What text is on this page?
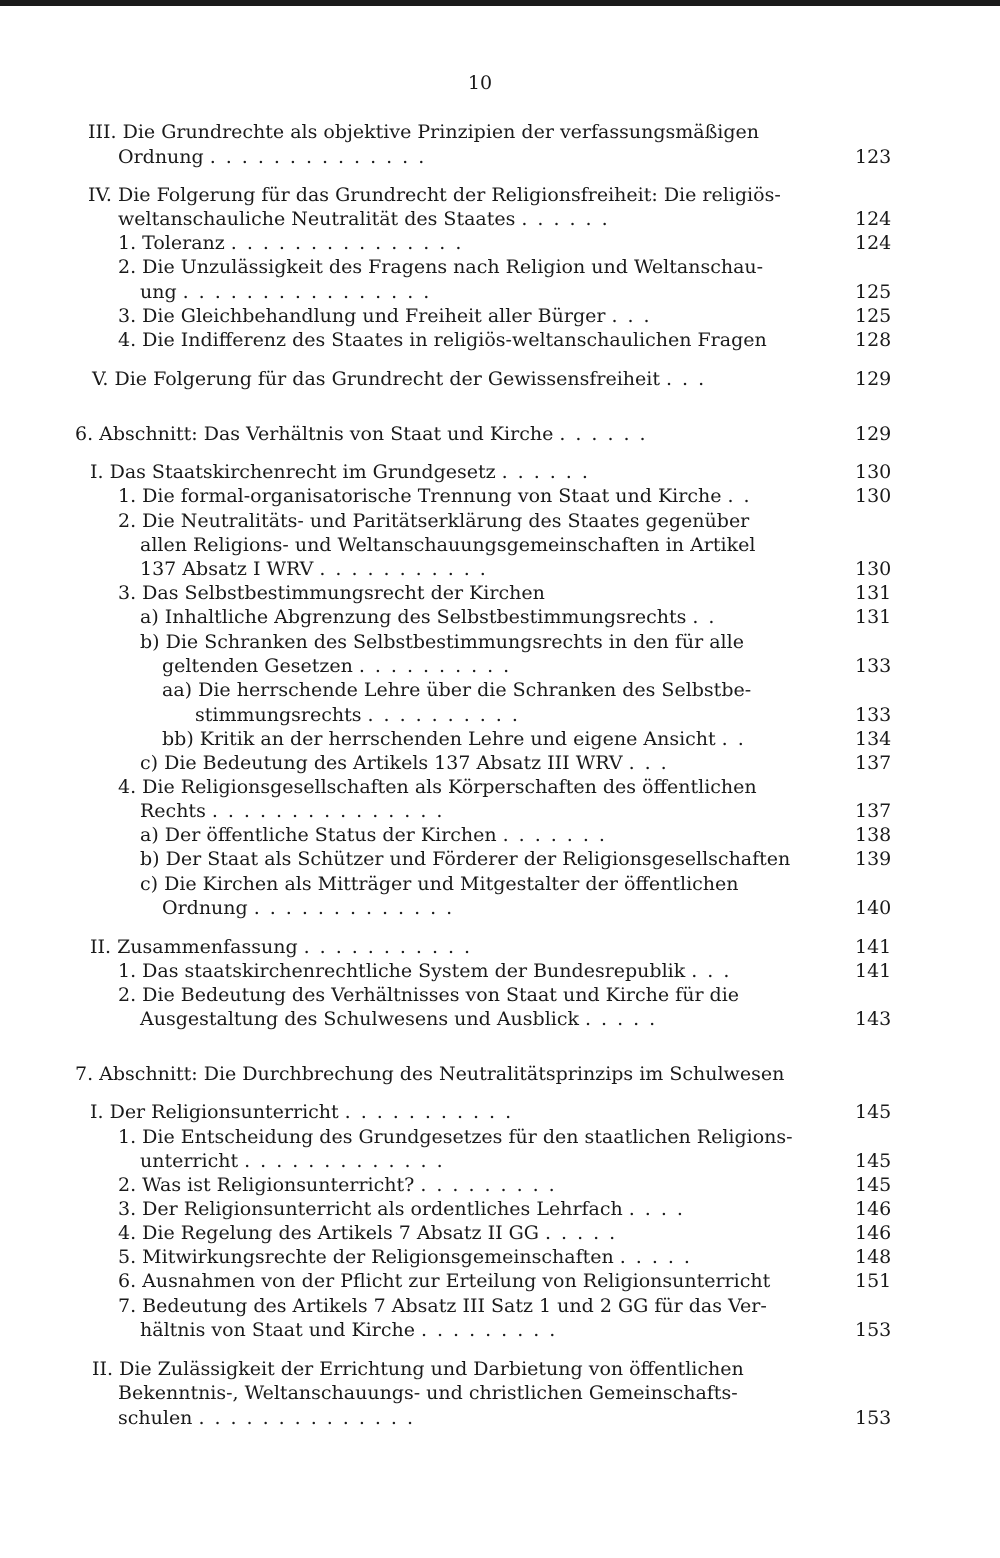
10
III. Die Grundrechte als objektive Prinzipien der verfassungsmäßigen
Ordnung ..............	123
IV. Die Folgerung für das Grundrecht der Religionsfreiheit: Die religiös-
weltanschauliche Neutralität des Staates ......	124
1. Toleranz ...............	124
2. Die Unzulässigkeit des Fragens nach Religion und Weltanschau-
ung ................	125
3. Die Gleichbehandlung und Freiheit aller Bürger ...	125
4. Die Indifferenz des Staates in religiös-weltanschaulichen Fragen	128
V. Die Folgerung für das Grundrecht der Gewissensfreiheit ...	129
6. Abschnitt: Das Verhältnis von Staat und Kirche ......	129
I. Das Staatskirchenrecht im Grundgesetz ......	130
1. Die formal-organisatorische Trennung von Staat und Kirche ..	130
2. Die Neutralitäts- und Paritätserklärung des Staates gegenüber
allen Religions- und Weltanschauungsgemeinschaften in Artikel
137 Absatz I WRV ...........	130
3. Das Selbstbestimmungsrecht der Kirchen	131
a) Inhaltliche Abgrenzung des Selbstbestimmungsrechts ..	131
b) Die Schranken des Selbstbestimmungsrechts in den für alle
geltenden Gesetzen ..........	133
aa) Die herrschende Lehre über die Schranken des Selbstbe-
stimmungsrechts ..........	133
bb) Kritik an der herrschenden Lehre und eigene Ansicht ..	134
c) Die Bedeutung des Artikels 137 Absatz III WRV ...	137
4. Die Religionsgesellschaften als Körperschaften des öffentlichen
Rechts ...............	137
a) Der öffentliche Status der Kirchen .......	138
b) Der Staat als Schützer und Förderer der Religionsgesellschaften	139
c) Die Kirchen als Mitträger und Mitgestalter der öffentlichen
Ordnung .............	140
II. Zusammenfassung ...........	141
1. Das staatskirchenrechtliche System der Bundesrepublik ...	141
2. Die Bedeutung des Verhältnisses von Staat und Kirche für die
Ausgestaltung des Schulwesens und Ausblick .....	143
7. Abschnitt: Die Durchbrechung des Neutralitätsprinzips im Schulwesen
I. Der Religionsunterricht ...........	145
1. Die Entscheidung des Grundgesetzes für den staatlichen Religions-
unterricht .............	145
2. Was ist Religionsunterricht? .........	145
3. Der Religionsunterricht als ordentliches Lehrfach ....	146
4. Die Regelung des Artikels 7 Absatz II GG .....	146
5. Mitwirkungsrechte der Religionsgemeinschaften .....	148
6. Ausnahmen von der Pflicht zur Erteilung von Religionsunterricht	151
7. Bedeutung des Artikels 7 Absatz III Satz 1 und 2 GG für das Ver-
hältnis von Staat und Kirche .........	153
II. Die Zulässigkeit der Errichtung und Darbietung von öffentlichen
Bekenntnis-, Weltanschauungs- und christlichen Gemeinschafts-
schulen ..............	153
